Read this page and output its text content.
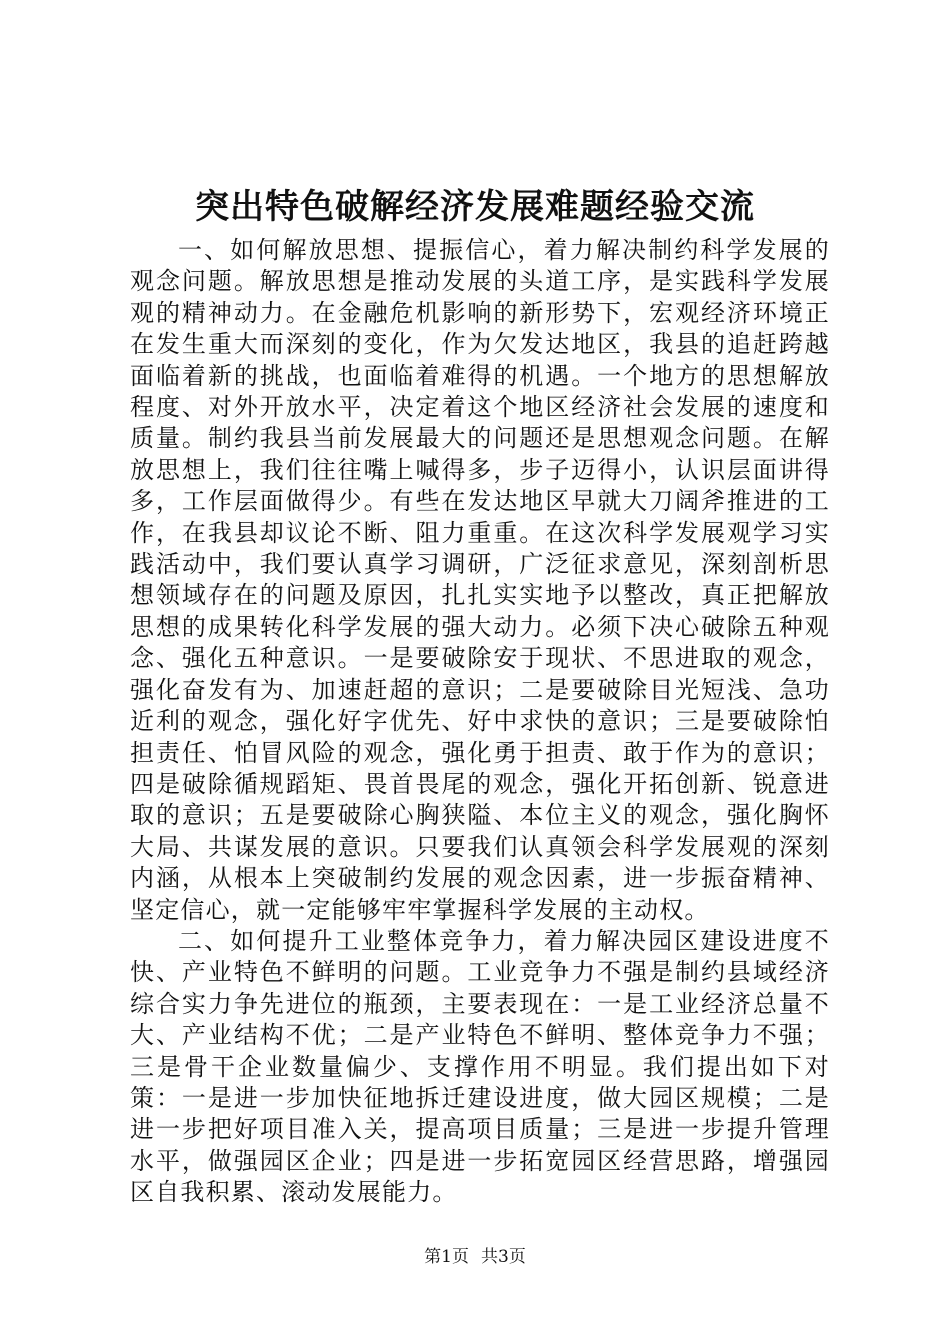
突出特色破解经济发展难题经验交流

一、如何解放思想、提振信心，着力解决制约科学发展的观念问题。解放思想是推动发展的头道工序，是实践科学发展观的精神动力。在金融危机影响的新形势下，宏观经济环境正在发生重大而深刻的变化，作为欠发达地区，我县的追赶跨越面临着新的挑战，也面临着难得的机遇。一个地方的思想解放程度、对外开放水平，决定着这个地区经济社会发展的速度和质量。制约我县当前发展最大的问题还是思想观念问题。在解放思想上，我们往往嘴上喊得多，步子迈得小，认识层面讲得多，工作层面做得少。有些在发达地区早就大刀阔斧推进的工作，在我县却议论不断、阻力重重。在这次科学发展观学习实践活动中，我们要认真学习调研，广泛征求意见，深刻剖析思想领域存在的问题及原因，扎扎实实地予以整改，真正把解放思想的成果转化科学发展的强大动力。必须下决心破除五种观念、强化五种意识。一是要破除安于现状、不思进取的观念，强化奋发有为、加速赶超的意识；二是要破除目光短浅、急功近利的观念，强化好字优先、好中求快的意识；三是要破除怕担责任、怕冒风险的观念，强化勇于担责、敢于作为的意识；四是破除循规蹈矩、畏首畏尾的观念，强化开拓创新、锐意进取的意识；五是要破除心胸狭隘、本位主义的观念，强化胸怀大局、共谋发展的意识。只要我们认真领会科学发展观的深刻内涵，从根本上突破制约发展的观念因素，进一步振奋精神、坚定信心，就一定能够牢牢掌握科学发展的主动权。

二、如何提升工业整体竞争力，着力解决园区建设进度不快、产业特色不鲜明的问题。工业竞争力不强是制约县域经济综合实力争先进位的瓶颈，主要表现在：一是工业经济总量不大、产业结构不优；二是产业特色不鲜明、整体竞争力不强；三是骨干企业数量偏少、支撑作用不明显。我们提出如下对策：一是进一步加快征地拆迁建设进度，做大园区规模；二是进一步把好项目准入关，提高项目质量；三是进一步提升管理水平，做强园区企业；四是进一步拓宽园区经营思路，增强园区自我积累、滚动发展能力。

第1页 共3页
